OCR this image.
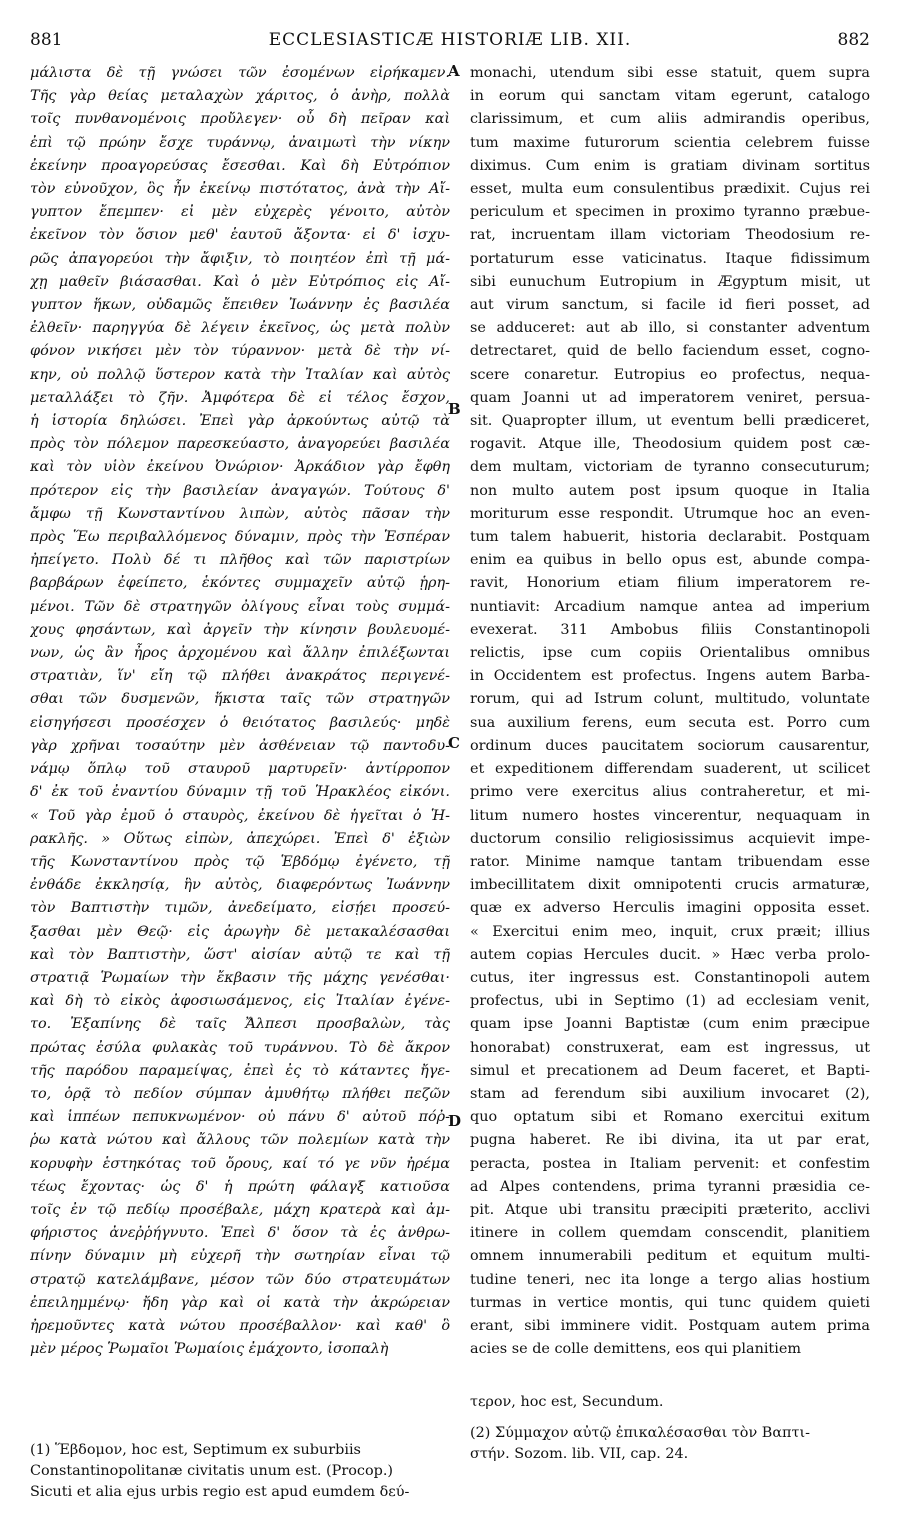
881	ECCLESIASTICÆ HISTORIÆ LIB. XII.	882

μάλιστα δὲ τῇ γνώσει τῶν ἐσομένων εἰρήκαμεν.

Τῆς γὰρ θείας μεταλαχὼν χάριτος, ὁ ἀνὴρ, πολλὰ

τοῖς πυνθανομένοις προὔλεγεν· οὗ δὴ πεῖραν καὶ

ἐπὶ τῷ πρώην ἔσχε τυράννῳ, ἀναιμωτὶ τὴν νίκην

ἐκείνην προαγορεύσας ἔσεσθαι. Καὶ δὴ Εὐτρόπιον

τὸν εὐνοῦχον, ὃς ἦν ἐκείνῳ πιστότατος, ἀνὰ τὴν Αἴ-

γυπτον ἔπεμπεν· εἰ μὲν εὐχερὲς γένοιτο, αὐτὸν

ἐκεῖνον τὸν ὅσιον μεθ' ἑαυτοῦ ἄξοντα· εἰ δ' ἰσχυ-

ρῶς ἀπαγορεύοι τὴν ἄφιξιν, τὸ ποιητέον ἐπὶ τῇ μά-

χῃ μαθεῖν βιάσασθαι. Καὶ ὁ μὲν Εὐτρόπιος εἰς Αἴ-

γυπτον ἥκων, οὐδαμῶς ἔπειθεν Ἰωάννην ἐς βασιλέα

ἐλθεῖν· παρηγγύα δὲ λέγειν ἐκεῖνος, ὡς μετὰ πολὺν

φόνον νικήσει μὲν τὸν τύραννον· μετὰ δὲ τὴν νί-

κην, οὐ πολλῷ ὕστερον κατὰ τὴν Ἰταλίαν καὶ αὐτὸς

μεταλλάξει τὸ ζῆν. Ἀμφότερα δὲ εἰ τέλος ἔσχον,

ἡ ἱστορία δηλώσει. Ἐπεὶ γὰρ ἀρκούντως αὐτῷ τὰ

πρὸς τὸν πόλεμον παρεσκεύαστο, ἀναγορεύει βασιλέα

καὶ τὸν υἱὸν ἐκείνου Ὀνώριον· Ἀρκάδιον γὰρ ἔφθη

πρότερον εἰς τὴν βασιλείαν ἀναγαγών. Τούτους δ'

ἄμφω τῇ Κωνσταντίνου λιπὼν, αὐτὸς πᾶσαν τὴν

πρὸς Ἕω περιβαλλόμενος δύναμιν, πρὸς τὴν Ἑσπέραν

ἠπείγετο. Πολὺ δέ τι πλῆθος καὶ τῶν παριστρίων

βαρβάρων ἐφείπετο, ἑκόντες συμμαχεῖν αὐτῷ ᾑρη-

μένοι. Τῶν δὲ στρατηγῶν ὀλίγους εἶναι τοὺς συμμά-

χους φησάντων, καὶ ἀργεῖν τὴν κίνησιν βουλευομέ-

νων, ὡς ἂν ἦρος ἀρχομένου καὶ ἄλλην ἐπιλέξωνται

στρατιὰν, ἵν' εἴη τῷ πλήθει ἀνακράτος περιγενέ-

σθαι τῶν δυσμενῶν, ἥκιστα ταῖς τῶν στρατηγῶν

εἰσηγήσεσι προσέσχεν ὁ θειότατος βασιλεύς· μηδὲ

γὰρ χρῆναι τοσαύτην μὲν ἀσθένειαν τῷ παντοδυ-

νάμῳ ὅπλῳ τοῦ σταυροῦ μαρτυρεῖν· ἀντίρροπον

δ' ἐκ τοῦ ἐναντίου δύναμιν τῇ τοῦ Ἡρακλέος εἰκόνι.

« Τοῦ γὰρ ἐμοῦ ὁ σταυρὸς, ἐκείνου δὲ ἡγεῖται ὁ Ἡ-

ρακλῆς. » Οὕτως εἰπὼν, ἀπεχώρει. Ἐπεὶ δ' ἐξιὼν

τῆς Κωνσταντίνου πρὸς τῷ Ἑβδόμῳ ἐγένετο, τῇ

ἐνθάδε ἐκκλησίᾳ, ἣν αὐτὸς, διαφερόντως Ἰωάννην

τὸν Βαπτιστὴν τιμῶν, ἀνεδείματο, εἰσῄει προσεύ-

ξασθαι μὲν Θεῷ· εἰς ἀρωγὴν δὲ μετακαλέσασθαι

καὶ τὸν Βαπτιστὴν, ὥστ' αἰσίαν αὐτῷ τε καὶ τῇ

στρατιᾷ Ῥωμαίων τὴν ἔκβασιν τῆς μάχης γενέσθαι·

καὶ δὴ τὸ εἰκὸς ἀφοσιωσάμενος, εἰς Ἰταλίαν ἐγένε-

το. Ἐξαπίνης δὲ ταῖς Ἄλπεσι προσβαλὼν, τὰς

πρώτας ἐσύλα φυλακὰς τοῦ τυράννου. Τὸ δὲ ἄκρον

τῆς παρόδου παραμείψας, ἐπεὶ ἐς τὸ κάταντες ἤγε-

το, ὁρᾷ τὸ πεδίον σύμπαν ἀμυθήτῳ πλήθει πεζῶν

καὶ ἱππέων πεπυκνωμένον· οὐ πάνυ δ' αὐτοῦ πόῤ-

ῥω κατὰ νώτου καὶ ἄλλους τῶν πολεμίων κατὰ τὴν

κορυφὴν ἑστηκότας τοῦ ὄρους, καί τό γε νῦν ἠρέμα

τέως ἔχοντας· ὡς δ' ἡ πρώτη φάλαγξ κατιοῦσα

τοῖς ἐν τῷ πεδίῳ προσέβαλε, μάχη κρατερὰ καὶ ἀμ-

φήριστος ἀνεῤῥήγνυτο. Ἐπεὶ δ' ὅσον τὰ ἐς ἀνθρω-

πίνην δύναμιν μὴ εὐχερῆ τὴν σωτηρίαν εἶναι τῷ

στρατῷ κατελάμβανε, μέσον τῶν δύο στρατευμάτων

ἐπειλημμένῳ· ἤδη γὰρ καὶ οἱ κατὰ τὴν ἀκρώρειαν

ἠρεμοῦντες κατὰ νώτου προσέβαλλον· καὶ καθ' ὃ

μὲν μέρος Ῥωμαῖοι Ῥωμαίοις ἐμάχοντο, ἰσοπαλὴ

monachi, utendum sibi esse statuit, quem supra

in eorum qui sanctam vitam egerunt, catalogo

clarissimum, et cum aliis admirandis operibus,

tum maxime futurorum scientia celebrem fuisse

diximus. Cum enim is gratiam divinam sortitus

esset, multa eum consulentibus prædixit. Cujus rei

periculum et specimen in proximo tyranno præbue-

rat, incruentam illam victoriam Theodosium re-

portaturum esse vaticinatus. Itaque fidissimum

sibi eunuchum Eutropium in Ægyptum misit, ut

aut virum sanctum, si facile id fieri posset, ad

se adduceret: aut ab illo, si constanter adventum

detrectaret, quid de bello faciendum esset, cogno-

scere conaretur. Eutropius eo profectus, nequa-

quam Joanni ut ad imperatorem veniret, persua-

sit. Quapropter illum, ut eventum belli prædiceret,

rogavit. Atque ille, Theodosium quidem post cæ-

dem multam, victoriam de tyranno consecuturum;

non multo autem post ipsum quoque in Italia

moriturum esse respondit. Utrumque hoc an even-

tum talem habuerit, historia declarabit. Postquam

enim ea quibus in bello opus est, abunde compa-

ravit, Honorium etiam filium imperatorem re-

nuntiavit: Arcadium namque antea ad imperium

evexerat. 311 Ambobus filiis Constantinopoli

relictis, ipse cum copiis Orientalibus omnibus

in Occidentem est profectus. Ingens autem Barba-

rorum, qui ad Istrum colunt, multitudo, voluntate

sua auxilium ferens, eum secuta est. Porro cum

ordinum duces paucitatem sociorum causarentur,

et expeditionem differendam suaderent, ut scilicet

primo vere exercitus alius contraheretur, et mi-

litum numero hostes vincerentur, nequaquam in

ductorum consilio religiosissimus acquievit impe-

rator. Minime namque tantam tribuendam esse

imbecillitatem dixit omnipotenti crucis armaturæ,

quæ ex adverso Herculis imagini opposita esset.

« Exercitui enim meo, inquit, crux præit; illius

autem copias Hercules ducit. » Hæc verba prolo-

cutus, iter ingressus est. Constantinopoli autem

profectus, ubi in Septimo (1) ad ecclesiam venit,

quam ipse Joanni Baptistæ (cum enim præcipue

honorabat) construxerat, eam est ingressus, ut

simul et precationem ad Deum faceret, et Bapti-

stam ad ferendum sibi auxilium invocaret (2),

quo optatum sibi et Romano exercitui exitum

pugna haberet. Re ibi divina, ita ut par erat,

peracta, postea in Italiam pervenit: et confestim

ad Alpes contendens, prima tyranni præsidia ce-

pit. Atque ubi transitu præcipiti præterito, acclivi

itinere in collem quemdam conscendit, planitiem

omnem innumerabili peditum et equitum multi-

tudine teneri, nec ita longe a tergo alias hostium

turmas in vertice montis, qui tunc quidem quieti

erant, sibi imminere vidit. Postquam autem prima

acies se de colle demittens, eos qui planitiem

A
B
C
D

(1) Ἕβδομον, hoc est, Septimum ex suburbiis

Constantinopolitanæ civitatis unum est. (Procop.)

Sicuti et alia ejus urbis regio est apud eumdem δεύ-

τερον, hoc est, Secundum.

(2) Σύμμαχον αὐτῷ ἐπικαλέσασθαι τὸν Βαπτι-

στήν. Sozom. lib. VII, cap. 24.
